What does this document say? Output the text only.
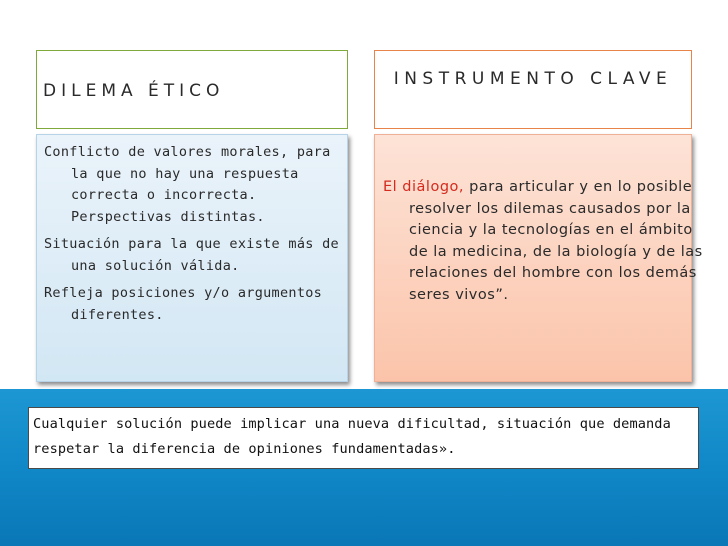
DILEMA ÉTICO
INSTRUMENTO CLAVE
Conflicto de valores morales, para la que no hay una respuesta correcta o incorrecta. Perspectivas distintas.
Situación para la que existe más de una solución válida.
Refleja posiciones y/o argumentos diferentes.
El diálogo, para articular y en lo posible resolver los dilemas causados por la ciencia y la tecnologías en el ámbito de la medicina, de la biología y de las relaciones del hombre con los demás seres vivos”.
Cualquier solución puede implicar una nueva dificultad, situación que demanda respetar la diferencia de opiniones fundamentadas».
